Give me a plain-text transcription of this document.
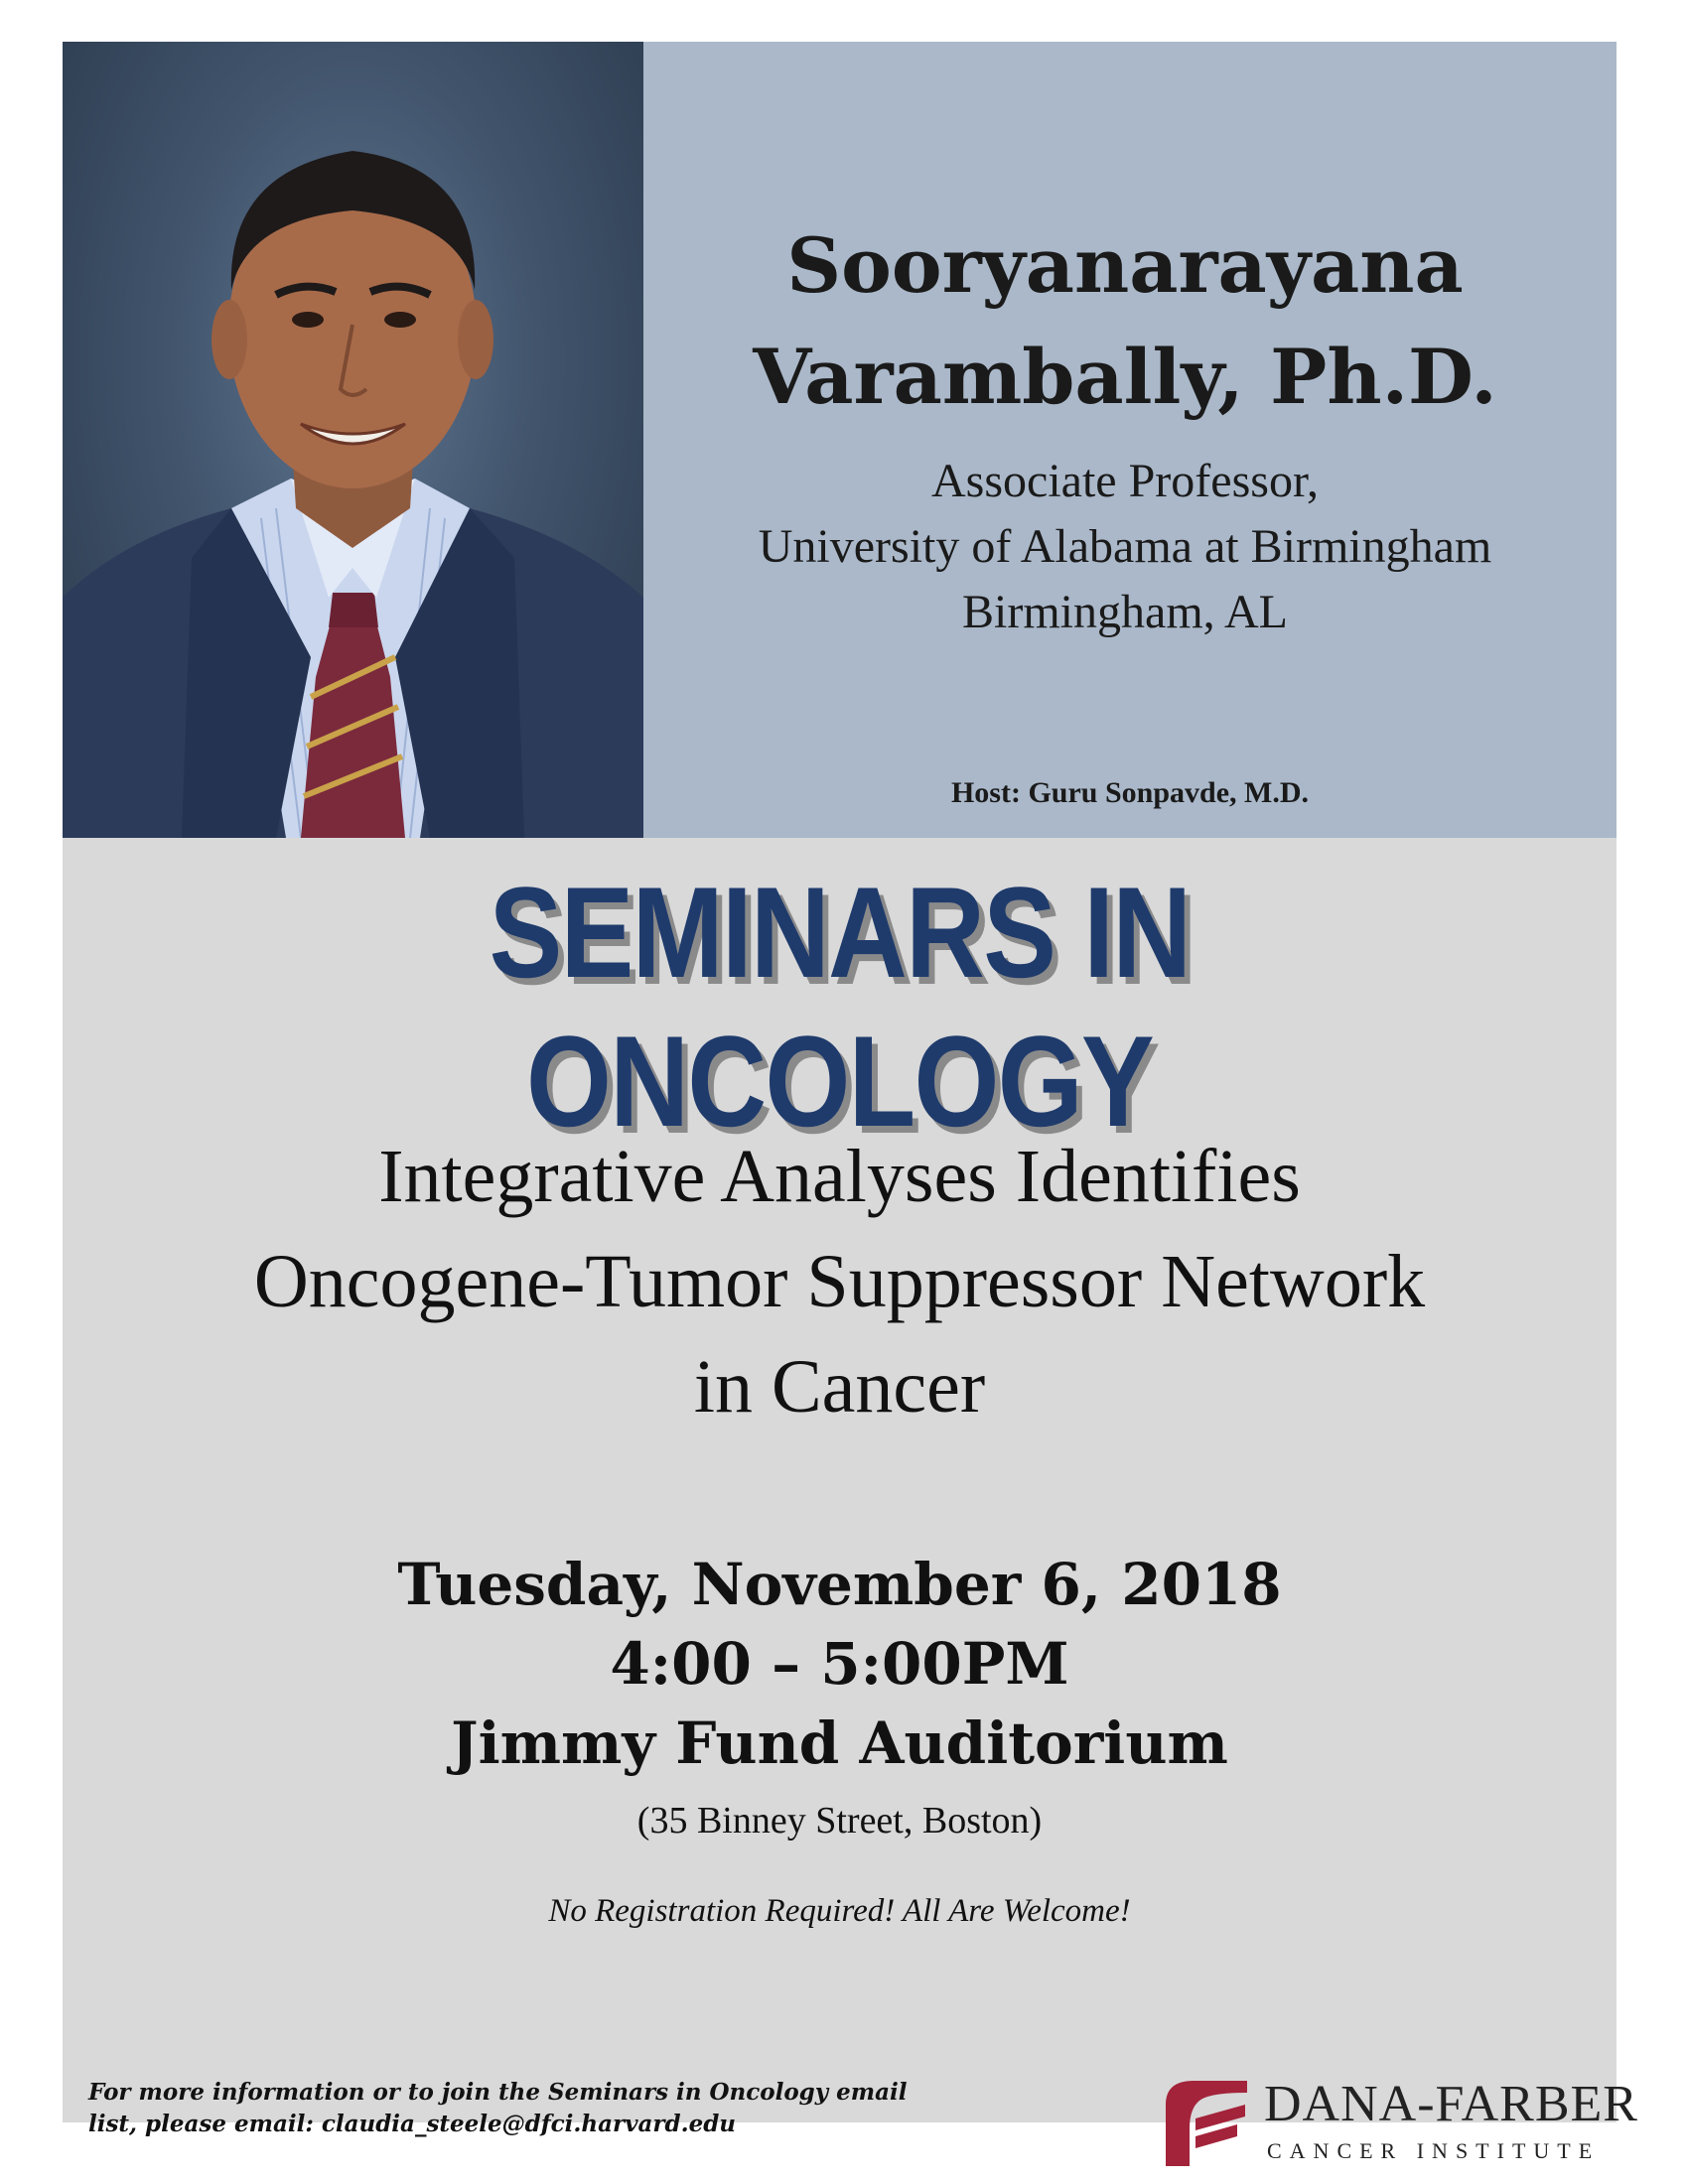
Sooryanarayana
Varambally, Ph.D.
Associate Professor,
University of Alabama at Birmingham
Birmingham, AL
Host: Guru Sonpavde, M.D.
SEMINARS IN ONCOLOGY
Integrative Analyses Identifies
Oncogene-Tumor Suppressor Network
in Cancer
Tuesday, November 6, 2018
4:00 – 5:00PM
Jimmy Fund Auditorium
(35 Binney Street, Boston)
No Registration Required! All Are Welcome!
For more information or to join the Seminars in Oncology email
list, please email: claudia_steele@dfci.harvard.edu	DANA-FARBER
CANCER INSTITUTE
